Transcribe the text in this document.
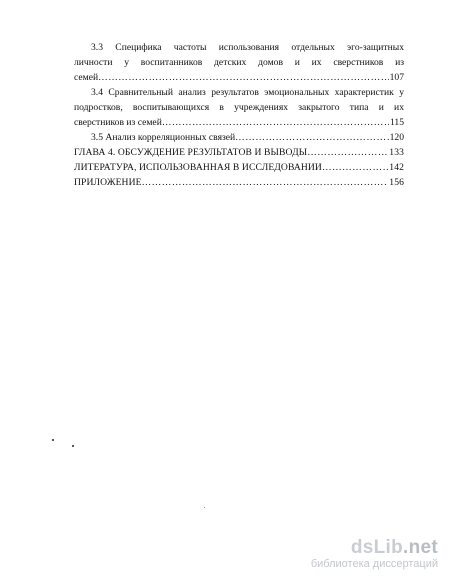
3.3 Специфика частоты использования отдельных эго-защитных
личности у воспитанников детских домов и их сверстников из
семей …………………………………………………………………………………………………………………………………………………………	107
3.4 Сравнительный анализ результатов эмоциональных характеристик у
подростков, воспитывающихся в учреждениях закрытого типа и их
сверстников из семей …………………………………………………………………………………………………………………………………………………………	115
3.5 Анализ корреляционных связей …………………………………………………………………………………………………………………………………………………………	120
ГЛАВА 4. ОБСУЖДЕНИЕ РЕЗУЛЬТАТОВ И ВЫВОДЫ …………………………………………………………………………………………………………………………………………………………	133
ЛИТЕРАТУРА, ИСПОЛЬЗОВАННАЯ В ИССЛЕДОВАНИИ …………………………………………………………………………………………………………………………………………………………	142
ПРИЛОЖЕНИЕ …………………………………………………………………………………………………………………………………………………………	156
dsLib.net
библиотека диссертаций
